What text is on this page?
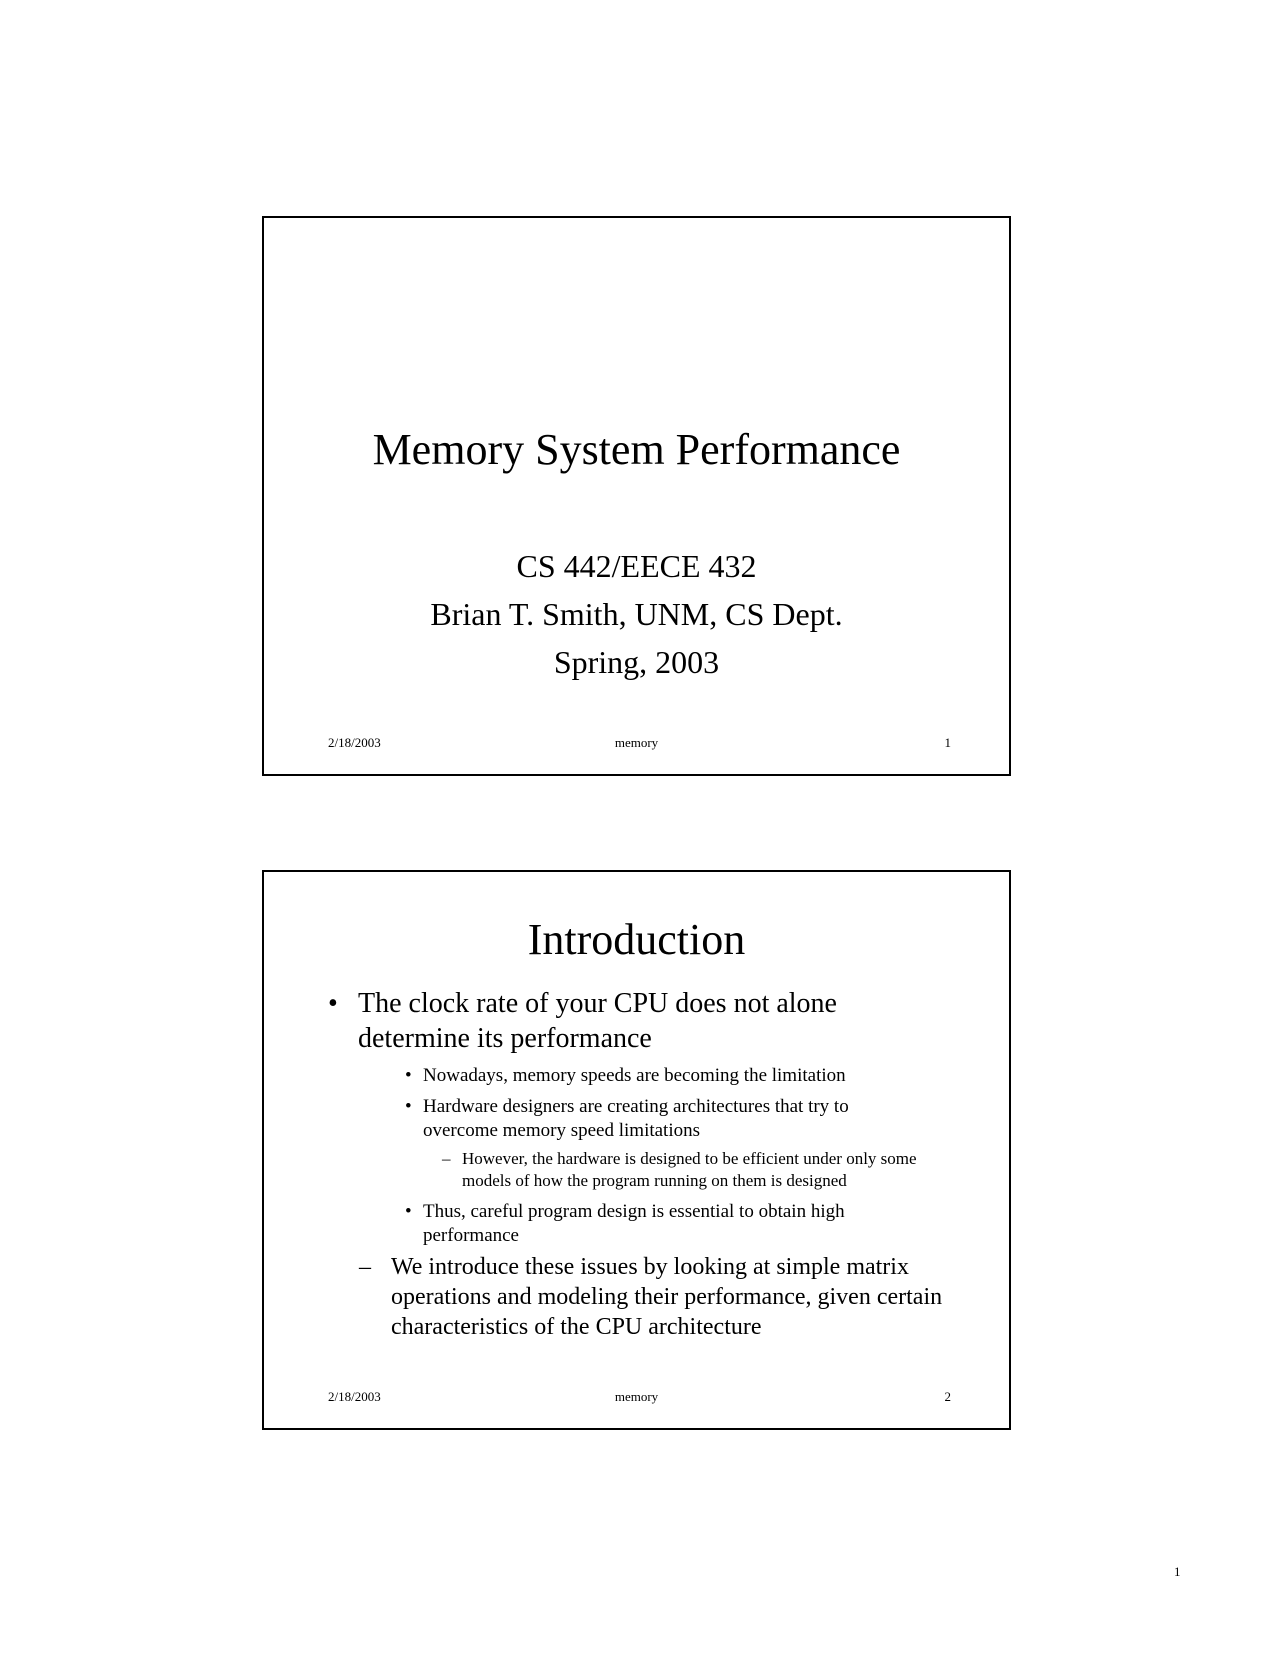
Memory System Performance
CS 442/EECE 432
Brian T. Smith, UNM, CS Dept.
Spring, 2003
2/18/2003	memory	1
Introduction
• The clock rate of your CPU does not alone determine its performance
• Nowadays, memory speeds are becoming the limitation
• Hardware designers are creating architectures that try to overcome memory speed limitations
– However, the hardware is designed to be efficient under only some models of how the program running on them is designed
• Thus, careful program design is essential to obtain high performance
– We introduce these issues by looking at simple matrix operations and modeling their performance, given certain characteristics of the CPU architecture
2/18/2003	memory	2
1
